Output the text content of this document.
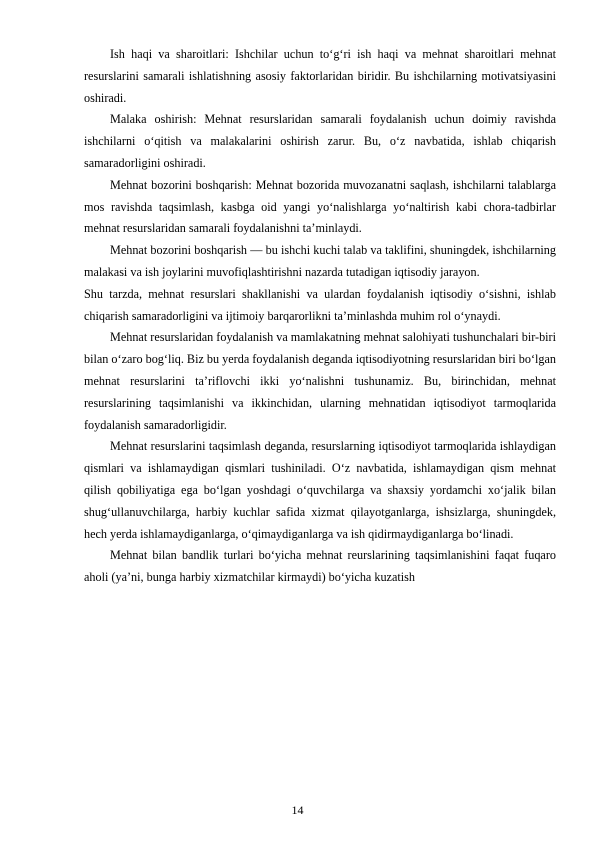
Ish haqi va sharoitlari: Ishchilar uchun to‘g‘ri ish haqi va mehnat sharoitlari mehnat resurslarini samarali ishlatishning asosiy faktorlaridan biridir. Bu ishchilarning motivatsiyasini oshiradi.

Malaka oshirish: Mehnat resurslaridan samarali foydalanish uchun doimiy ravishda ishchilarni o‘qitish va malakalarini oshirish zarur. Bu, o‘z navbatida, ishlab chiqarish samaradorligini oshiradi.

Mehnat bozorini boshqarish: Mehnat bozorida muvozanatni saqlash, ishchilarni talablarga mos ravishda taqsimlash, kasbga oid yangi yo‘nalishlarga yo‘naltirish kabi chora-tadbirlar mehnat resurslaridan samarali foydalanishni ta’minlaydi.

Mehnat bozorini boshqarish — bu ishchi kuchi talab va taklifini, shuningdek, ishchilarning malakasi va ish joylarini muvofiqlashtirishni nazarda tutadigan iqtisodiy jarayon.

Shu tarzda, mehnat resurslari shakllanishi va ulardan foydalanish iqtisodiy o‘sishni, ishlab chiqarish samaradorligini va ijtimoiy barqarorlikni ta’minlashda muhim rol o‘ynaydi.

Mehnat resurslaridan foydalanish va mamlakatning mehnat salohiyati tushunchalari bir-biri bilan o‘zaro bog‘liq. Biz bu yerda foydalanish deganda iqtisodiyotning resurslaridan biri bo‘lgan mehnat resurslarini ta’riflovchi ikki yo‘nalishni tushunamiz. Bu, birinchidan, mehnat resurslarining taqsimlanishi va ikkinchidan, ularning mehnatidan iqtisodiyot tarmoqlarida foydalanish samaradorligidir.

Mehnat resurslarini taqsimlash deganda, resurslarning iqtisodiyot tarmoqlarida ishlaydigan qismlari va ishlamaydigan qismlari tushiniladi. O‘z navbatida, ishlamaydigan qism mehnat qilish qobiliyatiga ega bo‘lgan yoshdagi o‘quvchilarga va shaxsiy yordamchi xo‘jalik bilan shug‘ullanuvchilarga, harbiy kuchlar safida xizmat qilayotganlarga, ishsizlarga, shuningdek, hech yerda ishlamaydiganlarga, o‘qimaydiganlarga va ish qidirmaydiganlarga bo‘linadi.

Mehnat bilan bandlik turlari bo‘yicha mehnat reurslarining taqsimlanishini faqat fuqaro aholi (ya’ni, bunga harbiy xizmatchilar kirmaydi) bo‘yicha kuzatish

14
